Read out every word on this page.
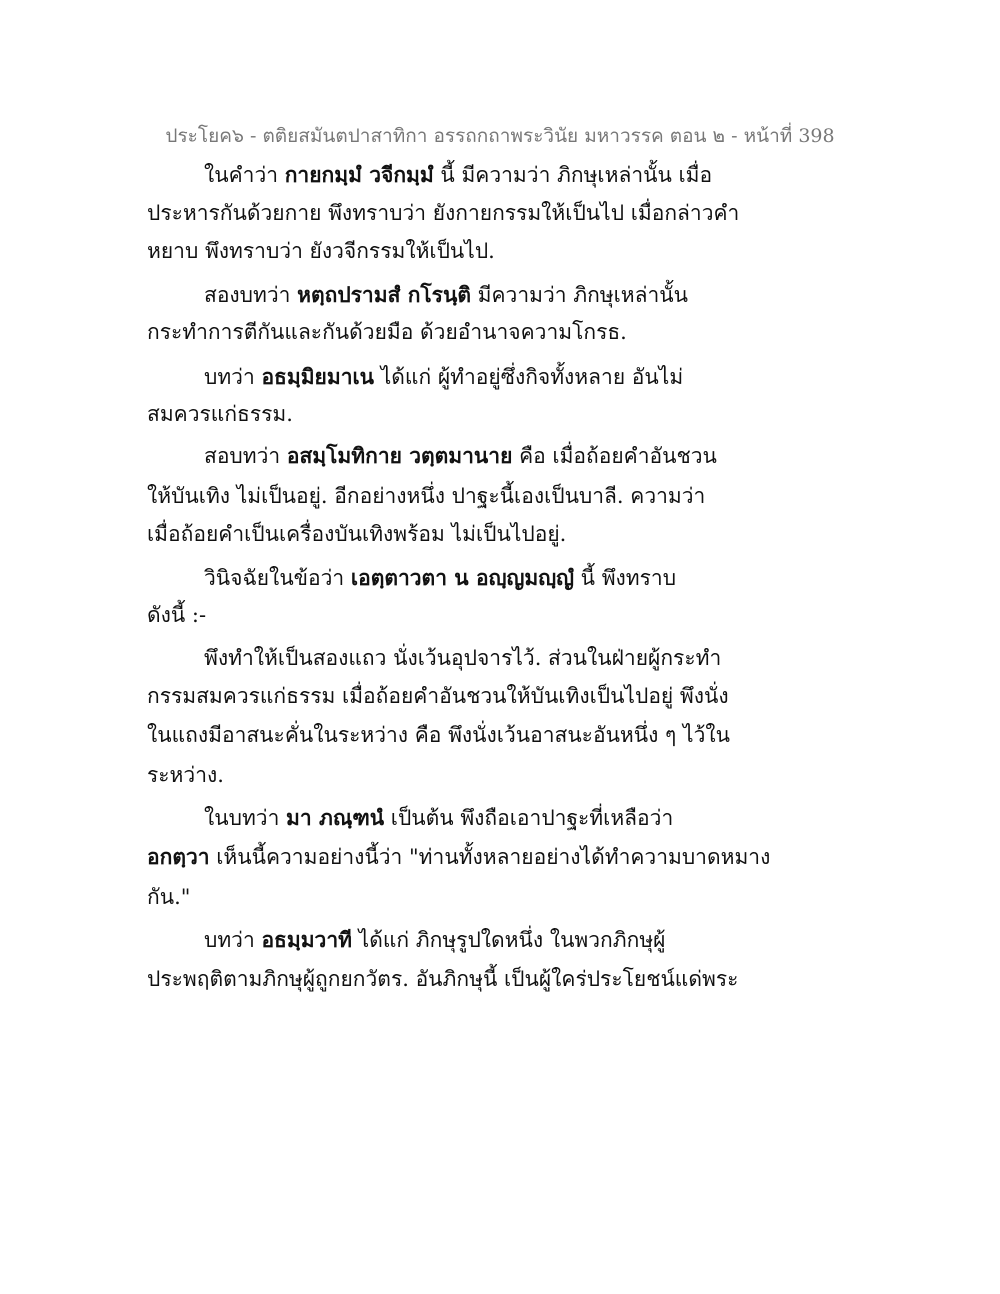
ประโยค๖ - ตติยสมันตปาสาทิกา อรรถกถาพระวินัย มหาวรรค ตอน ๒ - หน้าที่ 398
ในคำว่า กายกมฺมํ วจีกมฺมํ นี้ มีความว่า ภิกษุเหล่านั้น เมื่อ
ประหารกันด้วยกาย พึงทราบว่า ยังกายกรรมให้เป็นไป เมื่อกล่าวคำ
หยาบ พึงทราบว่า ยังวจีกรรมให้เป็นไป.
สองบทว่า หตฺถปรามสํ กโรนฺติ มีความว่า ภิกษุเหล่านั้น
กระทำการตีกันและกันด้วยมือ ด้วยอำนาจความโกรธ.
บทว่า อธมฺมิยมาเน ได้แก่ ผู้ทำอยู่ซึ่งกิจทั้งหลาย อันไม่
สมควรแก่ธรรม.
สอบทว่า อสมฺโมทิกาย วตฺตมานาย คือ เมื่อถ้อยคำอันชวน
ให้บันเทิง ไม่เป็นอยู่. อีกอย่างหนึ่ง ปาฐะนี้เองเป็นบาลี. ความว่า
เมื่อถ้อยคำเป็นเครื่องบันเทิงพร้อม ไม่เป็นไปอยู่.
วินิจฉัยในข้อว่า เอตฺตาวตา น อญฺญมญฺญํ นี้ พึงทราบ
ดังนี้ :-
พึงทำให้เป็นสองแถว นั่งเว้นอุปจารไว้. ส่วนในฝ่ายผู้กระทำ
กรรมสมควรแก่ธรรม เมื่อถ้อยคำอันชวนให้บันเทิงเป็นไปอยู่ พึงนั่ง
ในแถงมีอาสนะคั่นในระหว่าง คือ พึงนั่งเว้นอาสนะอันหนึ่ง ๆ ไว้ใน
ระหว่าง.
ในบทว่า มา ภณฺฑนํ เป็นต้น พึงถือเอาปาฐะที่เหลือว่า
อกตฺวา เห็นนี้ความอย่างนี้ว่า "ท่านทั้งหลายอย่างได้ทำความบาดหมาง
กัน."
บทว่า อธมฺมวาที ได้แก่ ภิกษุรูปใดหนึ่ง ในพวกภิกษุผู้
ประพฤติตามภิกษุผู้ถูกยกวัตร. อันภิกษุนี้ เป็นผู้ใคร่ประโยชน์แด่พระ
